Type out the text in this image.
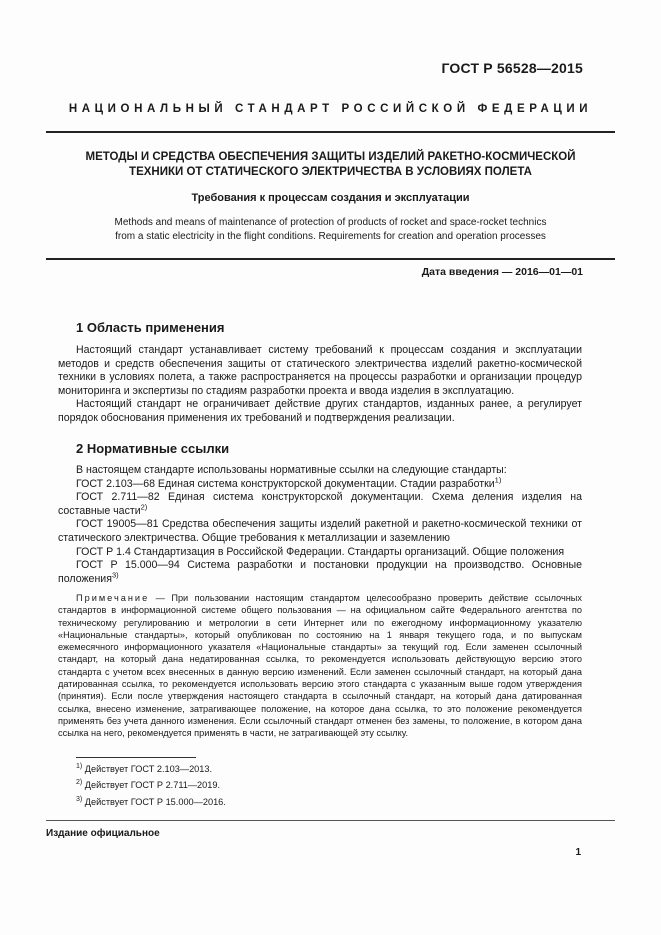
ГОСТ Р 56528—2015
НАЦИОНАЛЬНЫЙ СТАНДАРТ РОССИЙСКОЙ ФЕДЕРАЦИИ
МЕТОДЫ И СРЕДСТВА ОБЕСПЕЧЕНИЯ ЗАЩИТЫ ИЗДЕЛИЙ РАКЕТНО-КОСМИЧЕСКОЙ
ТЕХНИКИ ОТ СТАТИЧЕСКОГО ЭЛЕКТРИЧЕСТВА В УСЛОВИЯХ ПОЛЕТА
Требования к процессам создания и эксплуатации
Methods and means of maintenance of protection of products of rocket and space-rocket technics
from a static electricity in the flight conditions. Requirements for creation and operation processes
Дата введения — 2016—01—01
1 Область применения

Настоящий стандарт устанавливает систему требований к процессам создания и эксплуатации методов и средств обеспечения защиты от статического электричества изделий ракетно-космической техники в условиях полета, а также распространяется на процессы разработки и организации процедур мониторинга и экспертизы по стадиям разработки проекта и ввода изделия в эксплуатацию.

Настоящий стандарт не ограничивает действие других стандартов, изданных ранее, а регулирует порядок обоснования применения их требований и подтверждения реализации.

2 Нормативные ссылки

В настоящем стандарте использованы нормативные ссылки на следующие стандарты:

ГОСТ 2.103—68 Единая система конструкторской документации. Стадии разработки$^{1)}$

ГОСТ 2.711—82 Единая система конструкторской документации. Схема деления изделия на составные части$^{2)}$

ГОСТ 19005—81 Средства обеспечения защиты изделий ракетной и ракетно-космической техники от статического электричества. Общие требования к металлизации и заземлению

ГОСТ Р 1.4 Стандартизация в Российской Федерации. Стандарты организаций. Общие положения

ГОСТ Р 15.000—94 Система разработки и постановки продукции на производство. Основные положения$^{3)}$

Примечание — При пользовании настоящим стандартом целесообразно проверить действие ссылочных стандартов в информационной системе общего пользования — на официальном сайте Федерального агентства по техническому регулированию и метрологии в сети Интернет или по ежегодному информационному указателю «Национальные стандарты», который опубликован по состоянию на 1 января текущего года, и по выпускам ежемесячного информационного указателя «Национальные стандарты» за текущий год. Если заменен ссылочный стандарт, на который дана недатированная ссылка, то рекомендуется использовать действующую версию этого стандарта с учетом всех внесенных в данную версию изменений. Если заменен ссылочный стандарт, на который дана датированная ссылка, то рекомендуется использовать версию этого стандарта с указанным выше годом утверждения (принятия). Если после утверждения настоящего стандарта в ссылочный стандарт, на который дана датированная ссылка, внесено изменение, затрагивающее положение, на которое дана ссылка, то это положение рекомендуется применять без учета данного изменения. Если ссылочный стандарт отменен без замены, то положение, в котором дана ссылка на него, рекомендуется применять в части, не затрагивающей эту ссылку.
$^{1)}$ Действует ГОСТ 2.103—2013.
$^{2)}$ Действует ГОСТ Р 2.711—2019.
$^{3)}$ Действует ГОСТ Р 15.000—2016.
Издание официальное
1
